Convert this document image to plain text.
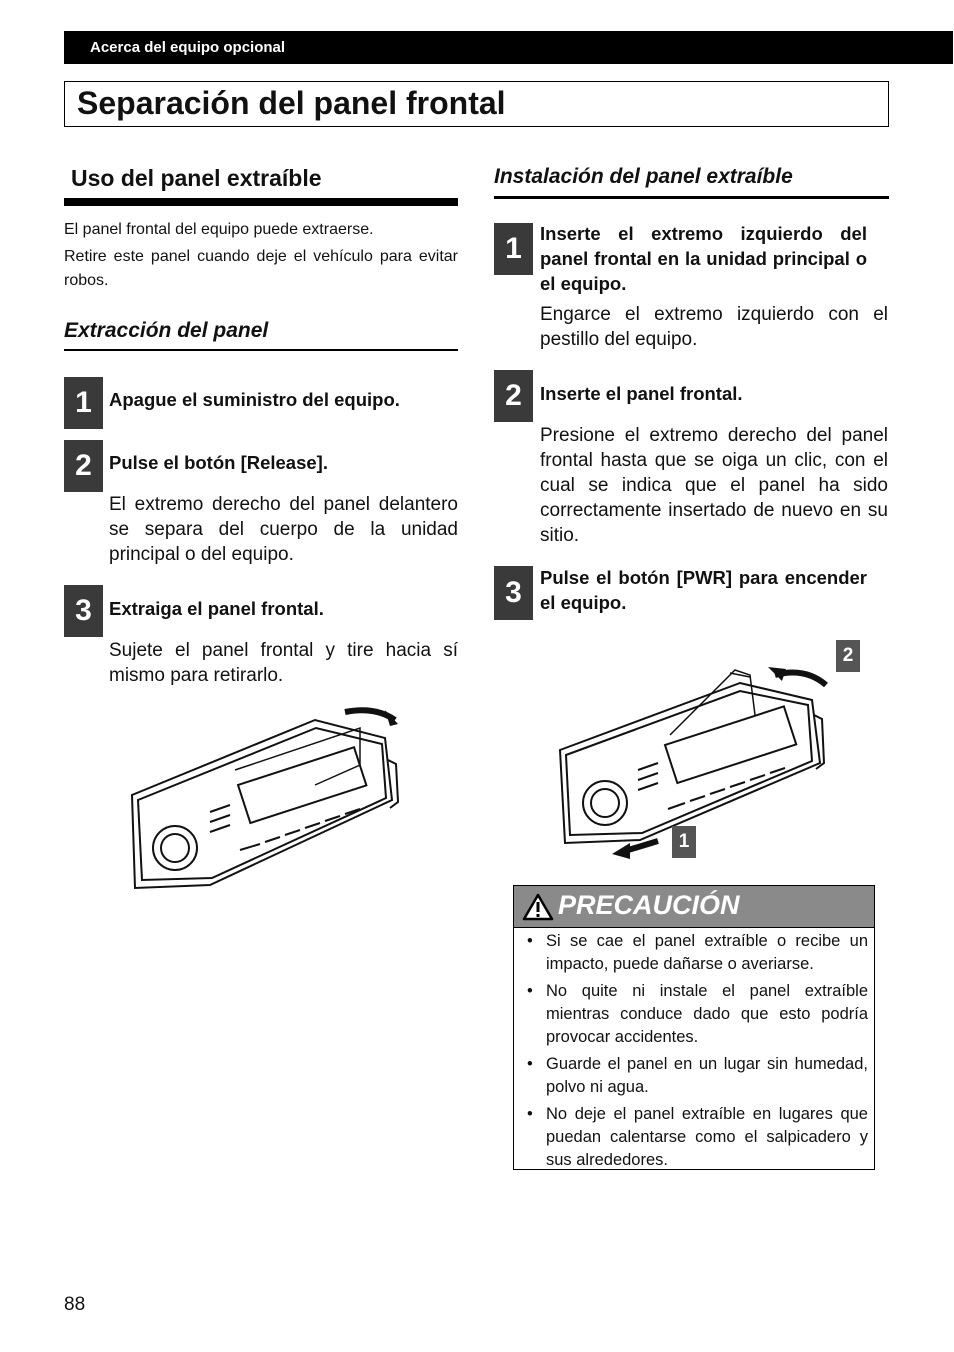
Acerca del equipo opcional
Separación del panel frontal
Uso del panel extraíble
El panel frontal del equipo puede extraerse.
Retire este panel cuando deje el vehículo para evitar robos.
Extracción del panel
1 Apague el suministro del equipo.
2 Pulse el botón [Release].
El extremo derecho del panel delantero se separa del cuerpo de la unidad principal o del equipo.
3 Extraiga el panel frontal.
Sujete el panel frontal y tire hacia sí mismo para retirarlo.
Instalación del panel extraíble
1 Inserte el extremo izquierdo del panel frontal en la unidad principal o el equipo.
Engarce el extremo izquierdo con el pestillo del equipo.
2 Inserte el panel frontal.
Presione el extremo derecho del panel frontal hasta que se oiga un clic, con el cual se indica que el panel ha sido correctamente insertado de nuevo en su sitio.
3 Pulse el botón [PWR] para encender el equipo.
2
1
PRECAUCIÓN
• Si se cae el panel extraíble o recibe un impacto, puede dañarse o averiarse.
• No quite ni instale el panel extraíble mientras conduce dado que esto podría provocar accidentes.
• Guarde el panel en un lugar sin humedad, polvo ni agua.
• No deje el panel extraíble en lugares que puedan calentarse como el salpicadero y sus alrededores.
88
